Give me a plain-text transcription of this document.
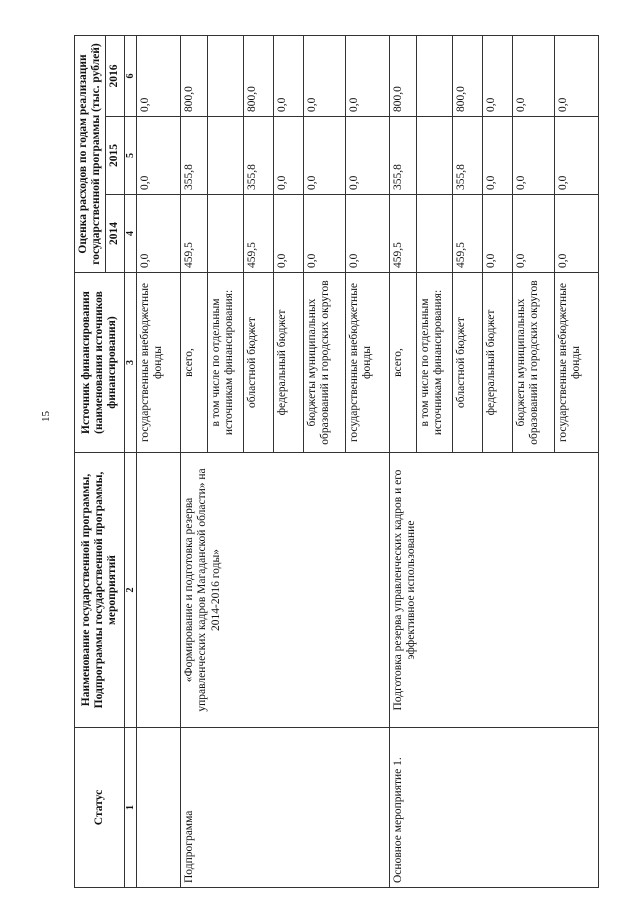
15
Статус	Наименование государственной программы, Подпрограммы государственной программы, мероприятий	Источник финансирования (наименования источников финансирования)	Оценка расходов по годам реализации государственной программы (тыс. рублей)		
			2014	2015	2016
1	2	3	4	5	6
		государственные внебюджетные фонды	0,0	0,0	0,0
Подпрограмма	«Формирование и подготовка резерва управленческих кадров Магаданской области» на 2014-2016 годы»	всего,	459,5	355,8	800,0
		в том числе по отдельным источникам финансирования:			
		областной бюджет	459,5	355,8	800,0
		федеральный бюджет	0,0	0,0	0,0
		бюджеты муниципальных образований и городских округов	0,0	0,0	0,0
		государственные внебюджетные фонды	0,0	0,0	0,0
Основное мероприятие 1.	Подготовка резерва управленческих кадров и его эффективное использование	всего,	459,5	355,8	800,0
		в том числе по отдельным источникам финансирования:			
		областной бюджет	459,5	355,8	800,0
		федеральный бюджет	0,0	0,0	0,0
		бюджеты муниципальных образований и городских округов	0,0	0,0	0,0
		государственные внебюджетные фонды	0,0	0,0	0,0
